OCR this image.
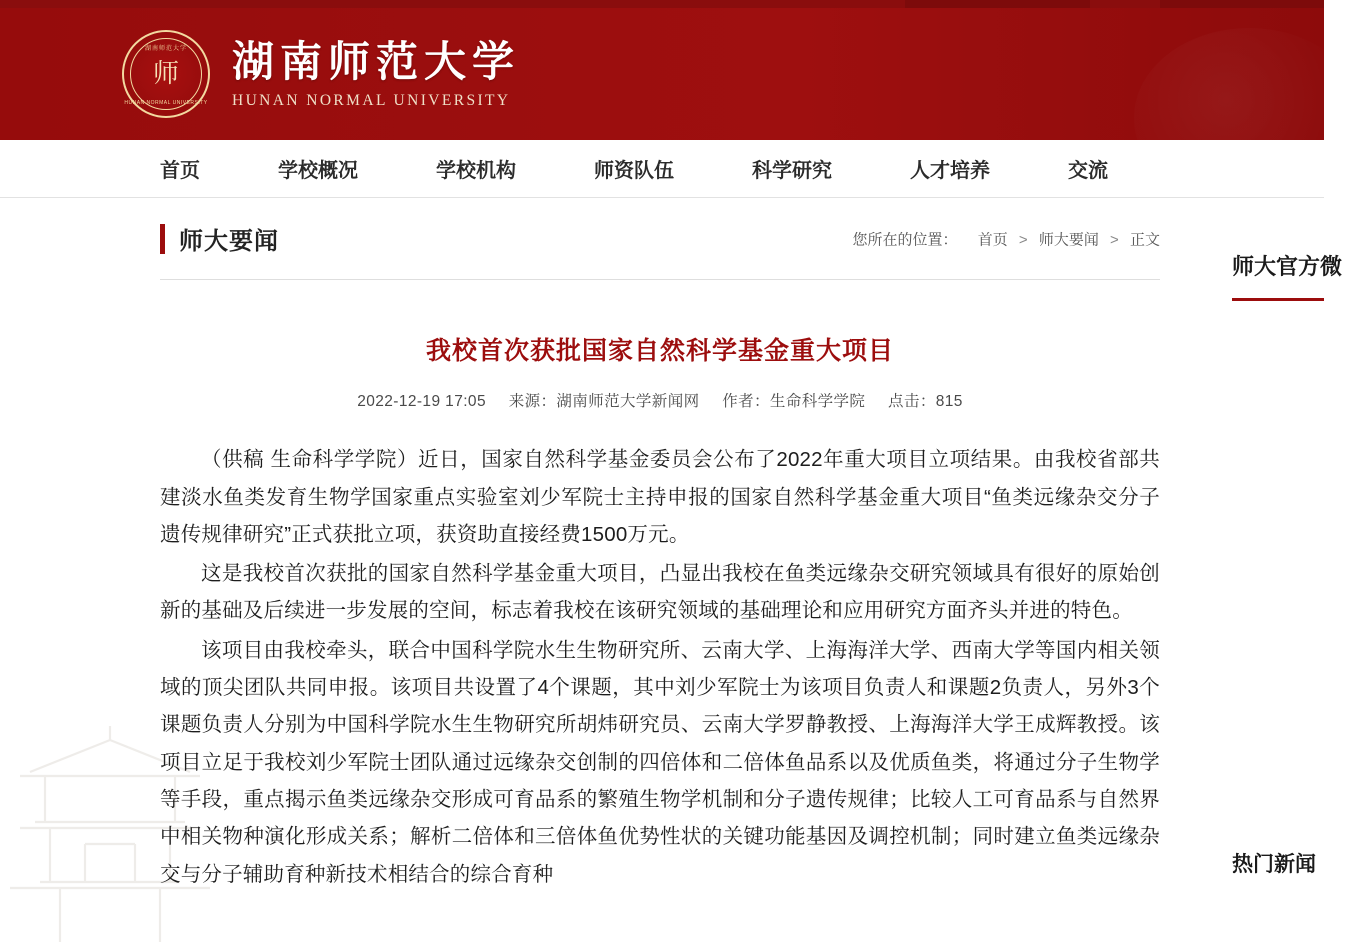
湖南师范大学
师
HUNAN NORMAL UNIVERSITY
湖南师范大学
HUNAN NORMAL UNIVERSITY
首页	学校概况	学校机构	师资队伍	科学研究	人才培养	交流
师大要闻	您所在的位置： 首页 > 师大要闻 > 正文
我校首次获批国家自然科学基金重大项目
2022-12-19 17:05 来源：湖南师范大学新闻网 作者：生命科学学院 点击：815

（供稿 生命科学学院）近日，国家自然科学基金委员会公布了2022年重大项目立项结果。由我校省部共建淡水鱼类发育生物学国家重点实验室刘少军院士主持申报的国家自然科学基金重大项目“鱼类远缘杂交分子遗传规律研究”正式获批立项，获资助直接经费1500万元。

这是我校首次获批的国家自然科学基金重大项目，凸显出我校在鱼类远缘杂交研究领域具有很好的原始创新的基础及后续进一步发展的空间，标志着我校在该研究领域的基础理论和应用研究方面齐头并进的特色。

该项目由我校牵头，联合中国科学院水生生物研究所、云南大学、上海海洋大学、西南大学等国内相关领域的顶尖团队共同申报。该项目共设置了4个课题，其中刘少军院士为该项目负责人和课题2负责人，另外3个课题负责人分别为中国科学院水生生物研究所胡炜研究员、云南大学罗静教授、上海海洋大学王成辉教授。该项目立足于我校刘少军院士团队通过远缘杂交创制的四倍体和二倍体鱼品系以及优质鱼类，将通过分子生物学等手段，重点揭示鱼类远缘杂交形成可育品系的繁殖生物学机制和分子遗传规律；比较人工可育品系与自然界中相关物种演化形成关系；解析二倍体和三倍体鱼优势性状的关键功能基因及调控机制；同时建立鱼类远缘杂交与分子辅助育种新技术相结合的综合育种

师大官方微
热门新闻
